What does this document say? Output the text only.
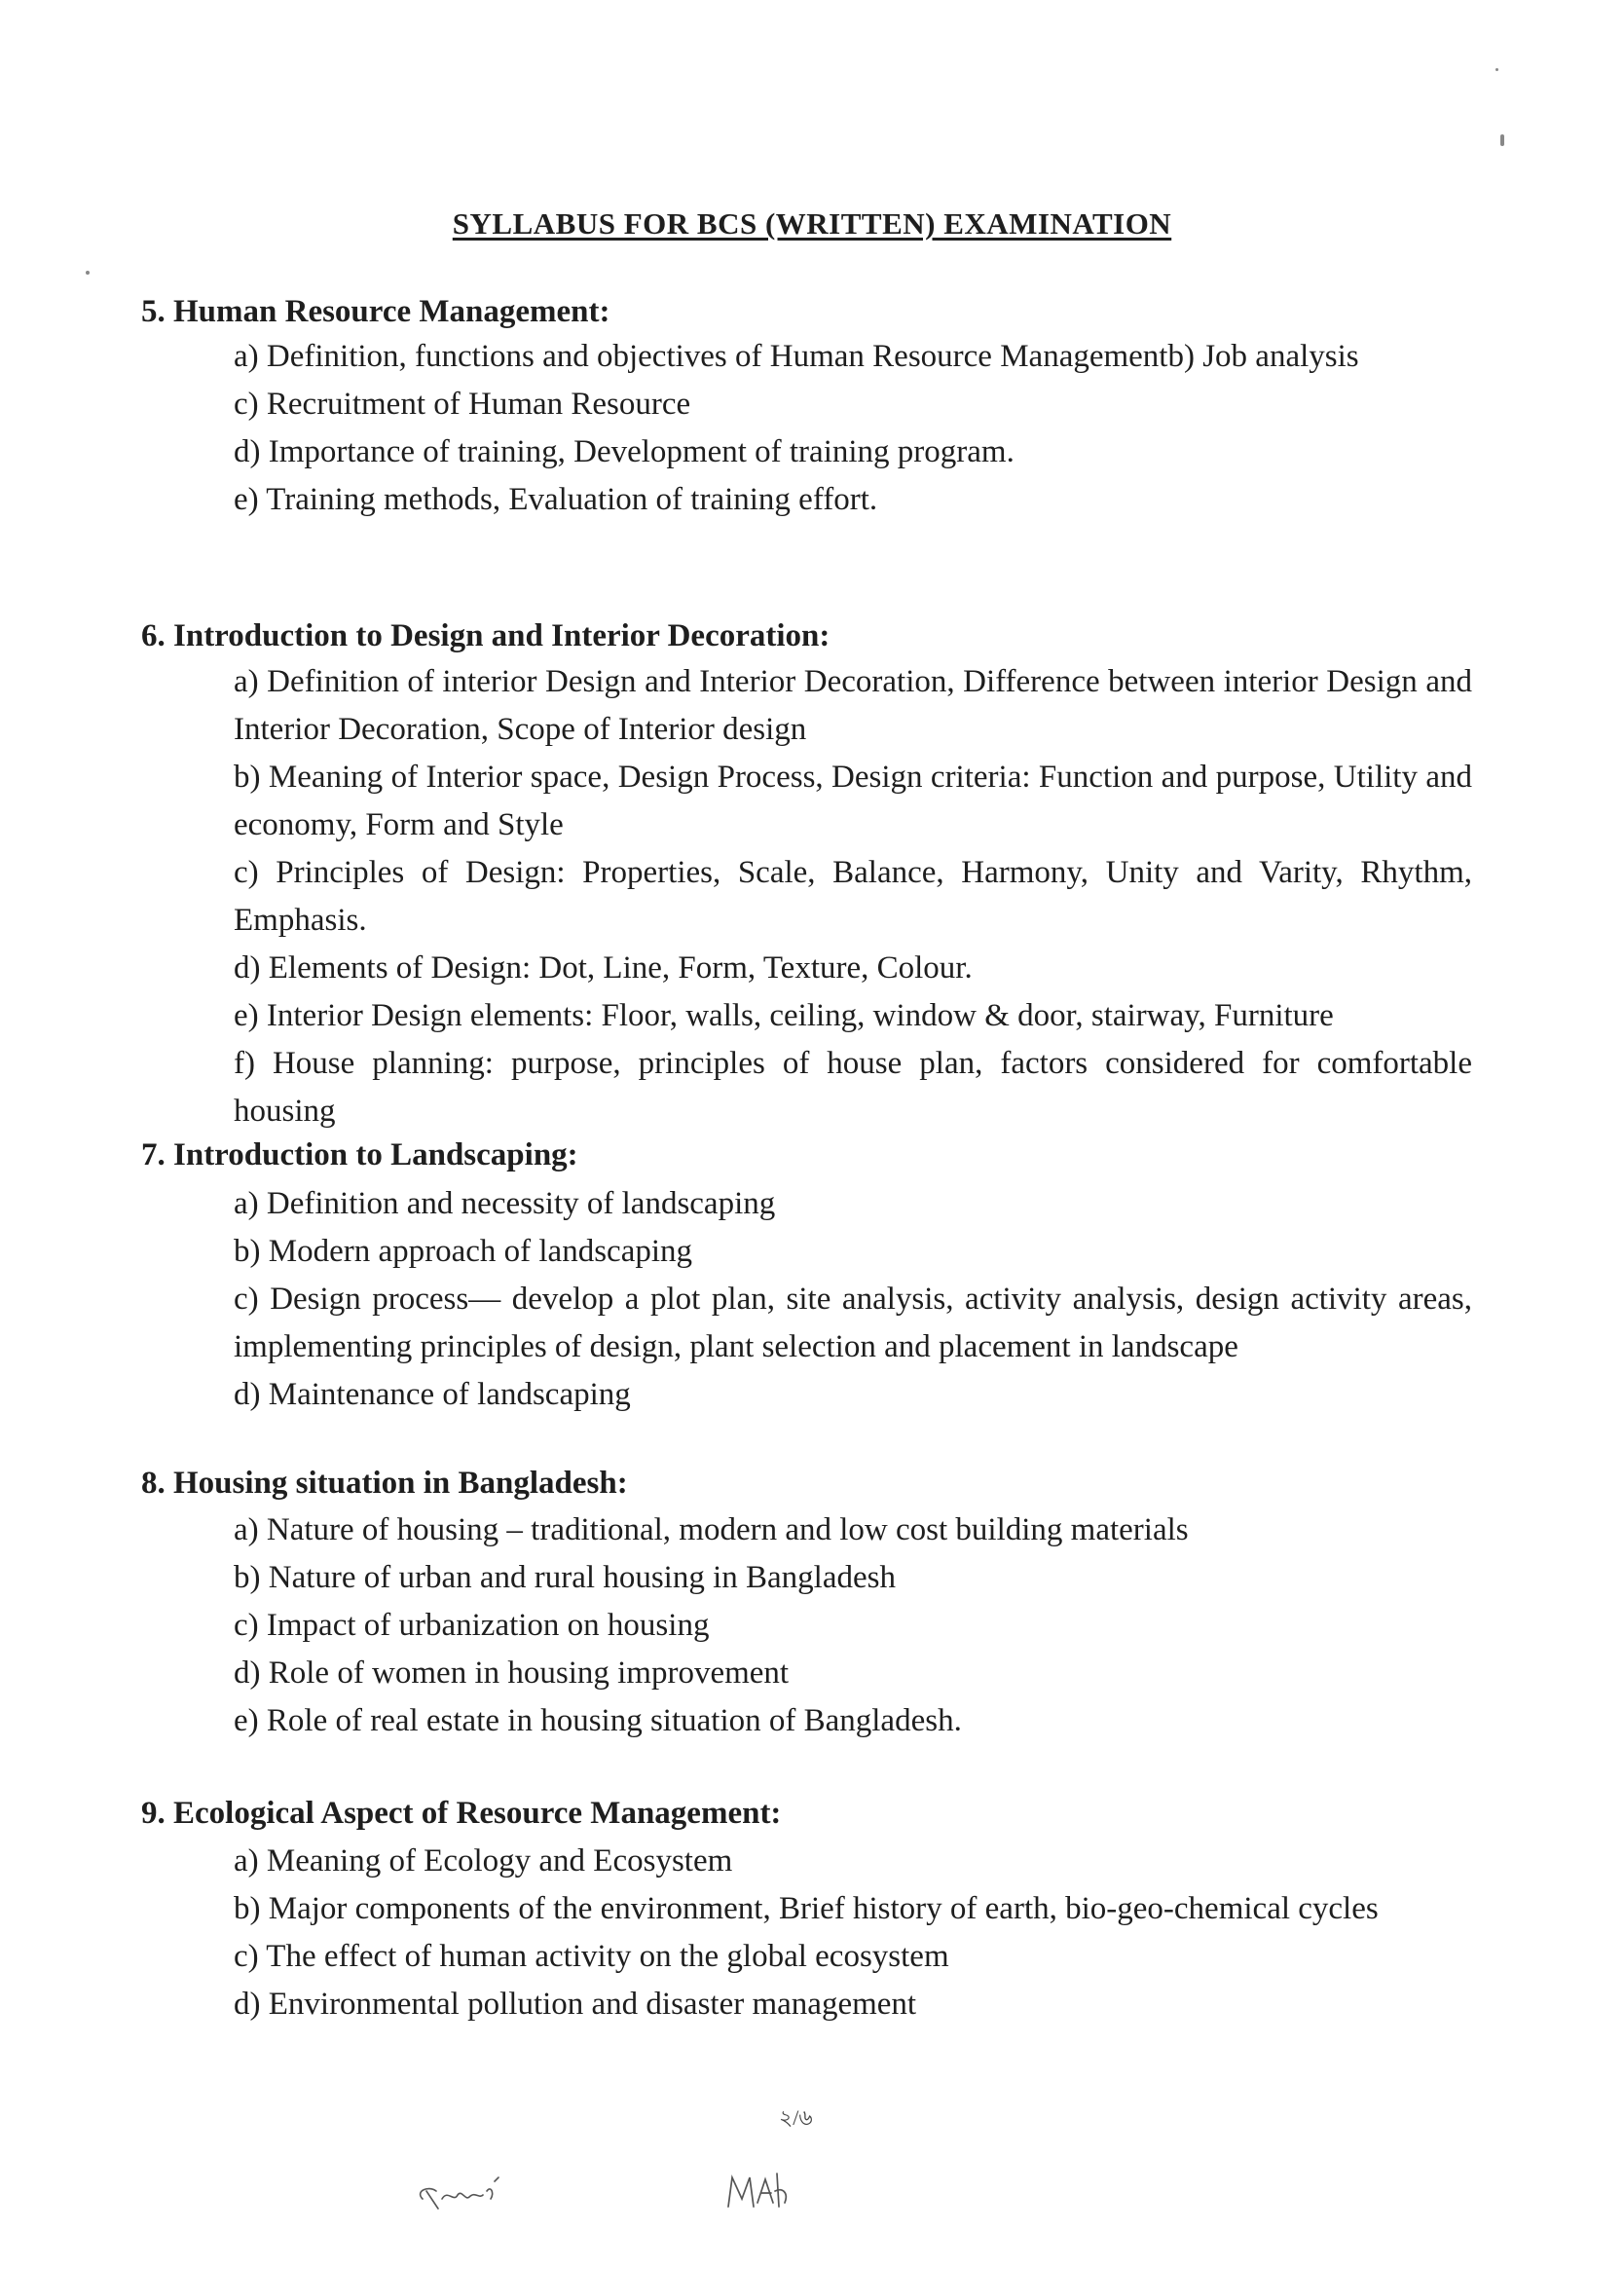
SYLLABUS FOR BCS (WRITTEN) EXAMINATION
5. Human Resource Management:
a) Definition, functions and objectives of Human Resource Managementb) Job analysis
c) Recruitment of Human Resource
d) Importance of training, Development of training program.
e) Training methods, Evaluation of training effort.
6. Introduction to Design and Interior Decoration:
a) Definition of interior Design and Interior Decoration, Difference between interior Design and Interior Decoration, Scope of Interior design
b) Meaning of Interior space, Design Process, Design criteria: Function and purpose, Utility and economy, Form and Style
c) Principles of Design: Properties, Scale, Balance, Harmony, Unity and Varity, Rhythm, Emphasis.
d) Elements of Design: Dot, Line, Form, Texture, Colour.
e) Interior Design elements: Floor, walls, ceiling, window & door, stairway, Furniture
f) House planning: purpose, principles of house plan, factors considered for comfortable housing
7. Introduction to Landscaping:
a) Definition and necessity of landscaping
b) Modern approach of landscaping
c) Design process— develop a plot plan, site analysis, activity analysis, design activity areas, implementing principles of design, plant selection and placement in landscape
d) Maintenance of landscaping
8. Housing situation in Bangladesh:
a) Nature of housing – traditional, modern and low cost building materials
b) Nature of urban and rural housing in Bangladesh
c) Impact of urbanization on housing
d) Role of women in housing improvement
e) Role of real estate in housing situation of Bangladesh.
9. Ecological Aspect of Resource Management:
a) Meaning of Ecology and Ecosystem
b) Major components of the environment, Brief history of earth, bio-geo-chemical cycles
c) The effect of human activity on the global ecosystem
d) Environmental pollution and disaster management

২/৬
